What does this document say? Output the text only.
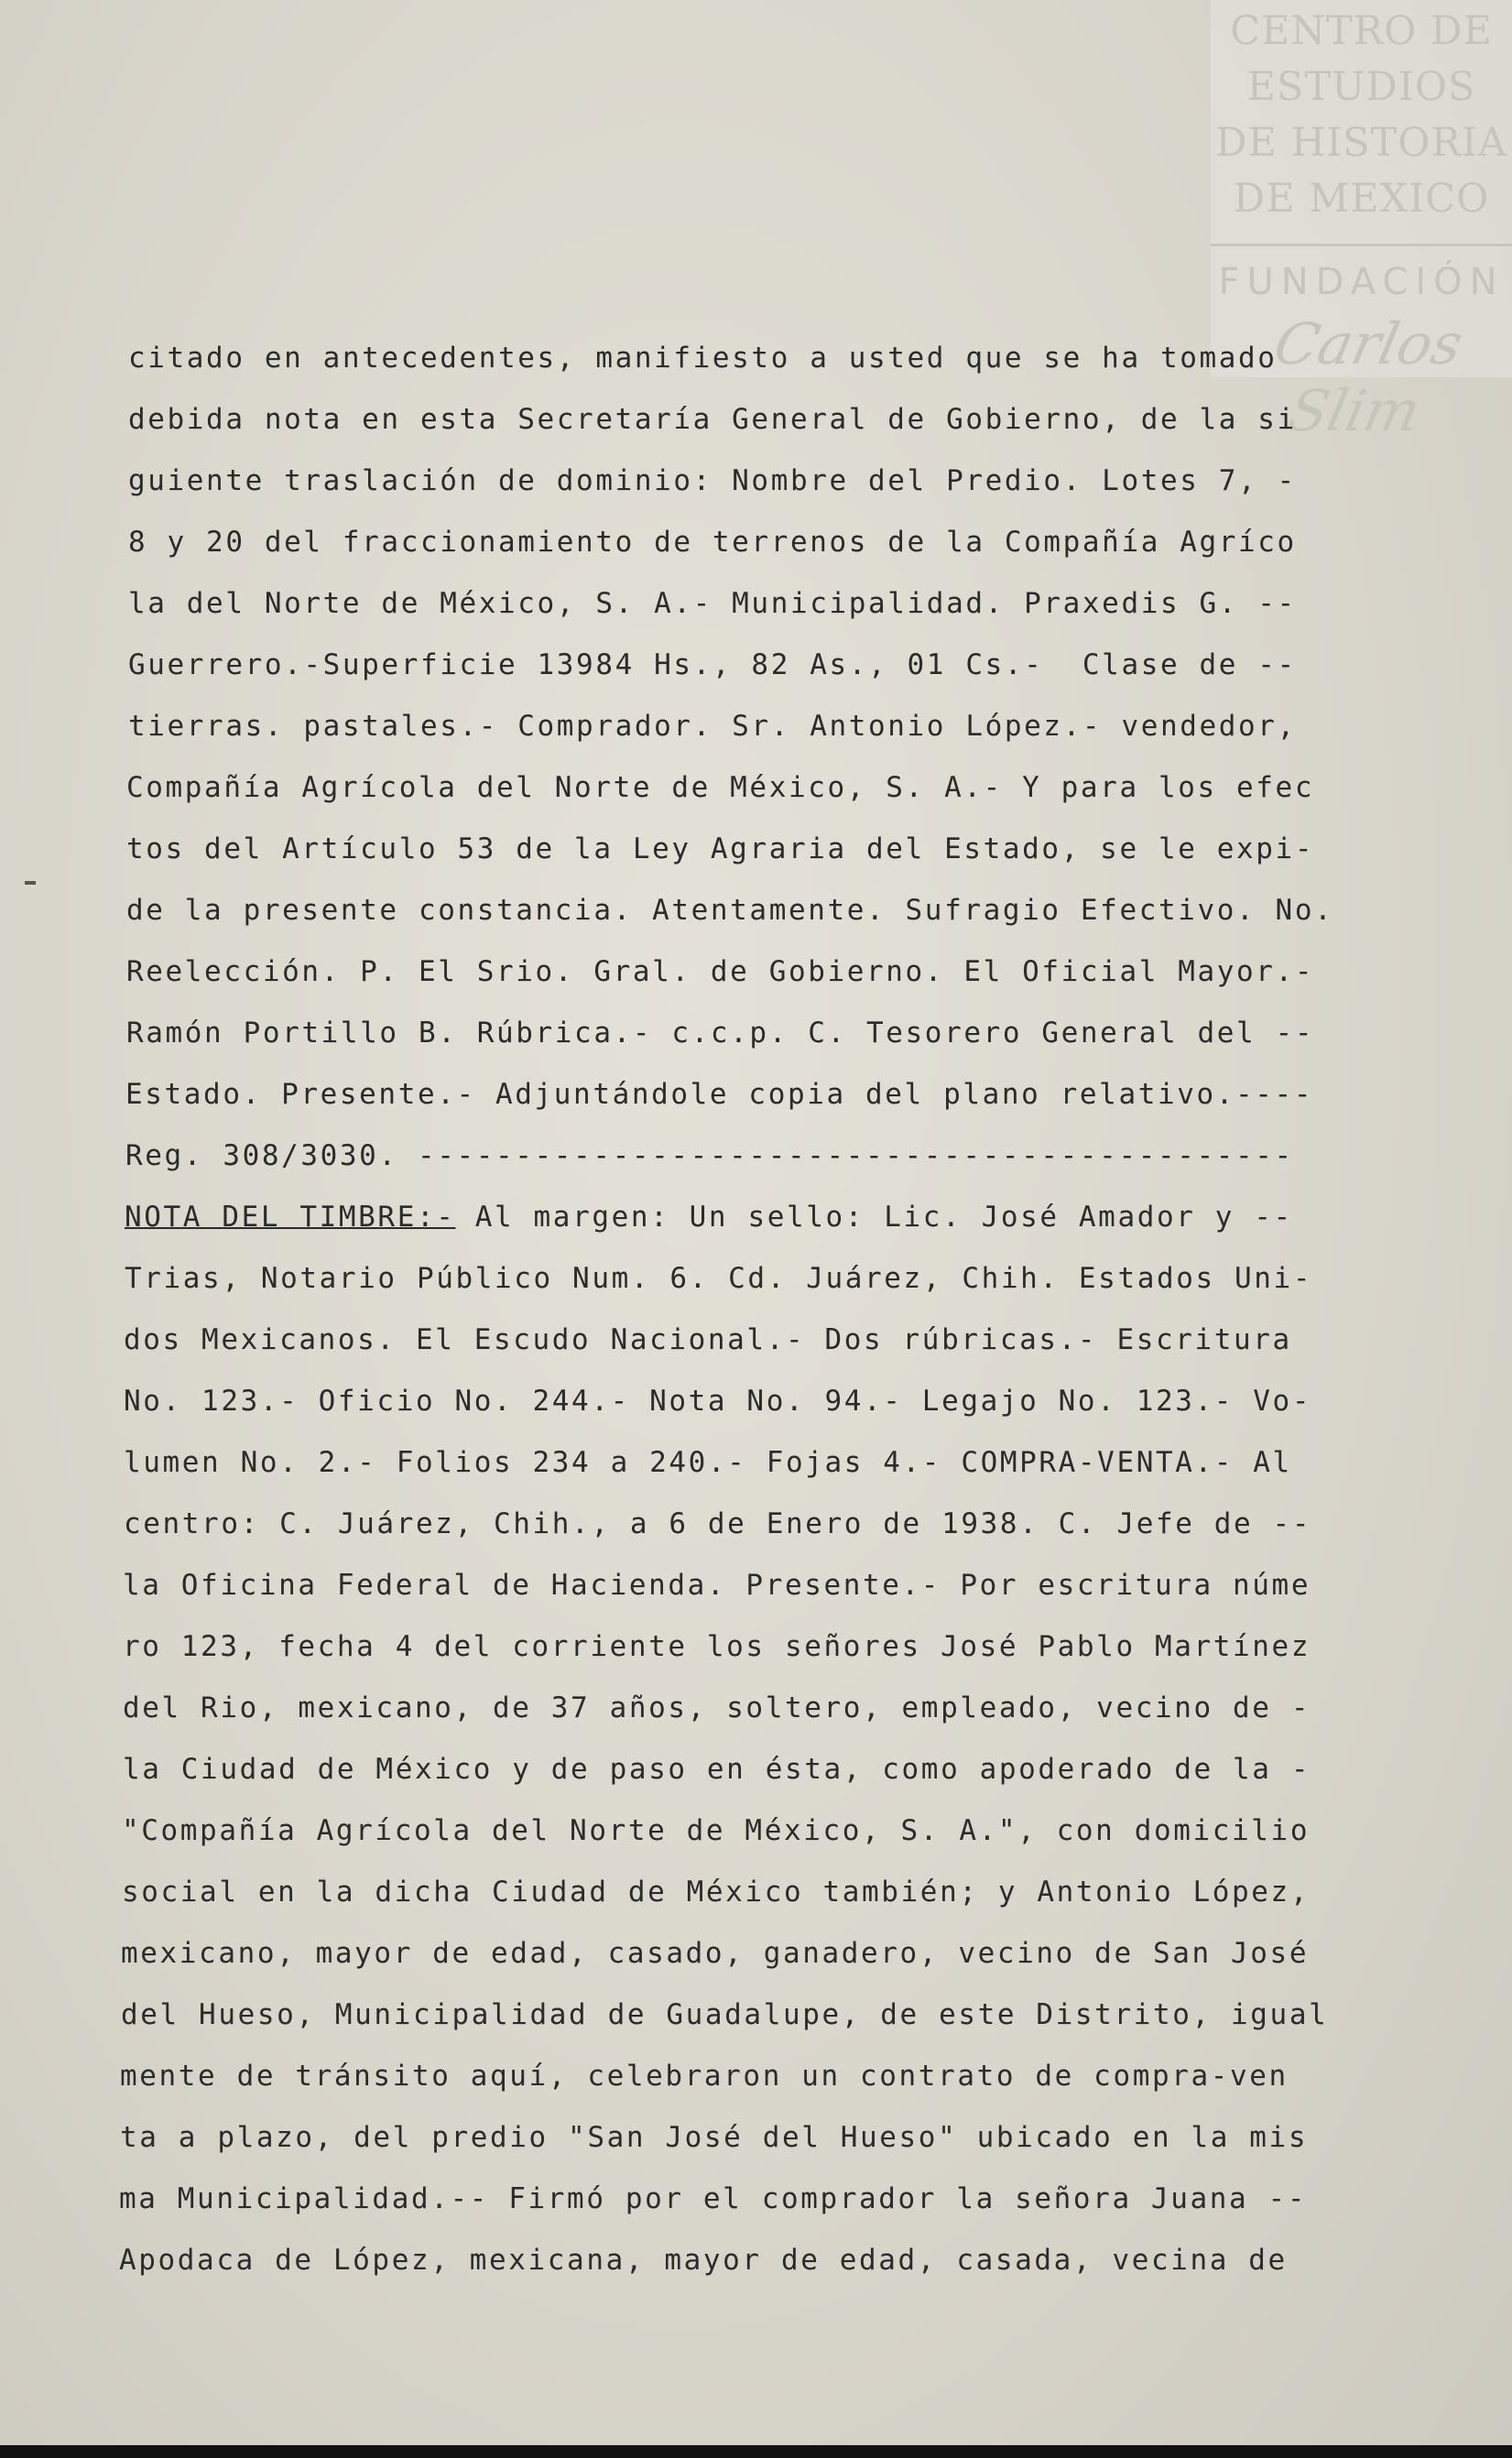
CENTRO DE
ESTUDIOS
DE HISTORIA
DE MEXICO
FUNDACIÓN
Carlos Slim

citado en antecedentes, manifiesto a usted que se ha tomado

debida nota en esta Secretaría General de Gobierno, de la si

guiente traslación de dominio: Nombre del Predio. Lotes 7, -

8 y 20 del fraccionamiento de terrenos de la Compañía Agríco

la del Norte de México, S. A.- Municipalidad. Praxedis G. --

Guerrero.-Superficie 13984 Hs., 82 As., 01 Cs.-  Clase de --

tierras. pastales.- Comprador. Sr. Antonio López.- vendedor,

Compañía Agrícola del Norte de México, S. A.- Y para los efec

tos del Artículo 53 de la Ley Agraria del Estado, se le expi-

de la presente constancia. Atentamente. Sufragio Efectivo. No.

Reelección. P. El Srio. Gral. de Gobierno. El Oficial Mayor.-

Ramón Portillo B. Rúbrica.- c.c.p. C. Tesorero General del --

Estado. Presente.- Adjuntándole copia del plano relativo.----

Reg. 308/3030. ---------------------------------------------

NOTA DEL TIMBRE:- Al margen: Un sello: Lic. José Amador y --

Trias, Notario Público Num. 6. Cd. Juárez, Chih. Estados Uni-

dos Mexicanos. El Escudo Nacional.- Dos rúbricas.- Escritura

No. 123.- Oficio No. 244.- Nota No. 94.- Legajo No. 123.- Vo-

lumen No. 2.- Folios 234 a 240.- Fojas 4.- COMPRA-VENTA.- Al

centro: C. Juárez, Chih., a 6 de Enero de 1938. C. Jefe de --

la Oficina Federal de Hacienda. Presente.- Por escritura núme

ro 123, fecha 4 del corriente los señores José Pablo Martínez

del Rio, mexicano, de 37 años, soltero, empleado, vecino de -

la Ciudad de México y de paso en ésta, como apoderado de la -

"Compañía Agrícola del Norte de México, S. A.", con domicilio

social en la dicha Ciudad de México también; y Antonio López,

mexicano, mayor de edad, casado, ganadero, vecino de San José

del Hueso, Municipalidad de Guadalupe, de este Distrito, igual

mente de tránsito aquí, celebraron un contrato de compra-ven

ta a plazo, del predio "San José del Hueso" ubicado en la mis

ma Municipalidad.-- Firmó por el comprador la señora Juana --

Apodaca de López, mexicana, mayor de edad, casada, vecina de
